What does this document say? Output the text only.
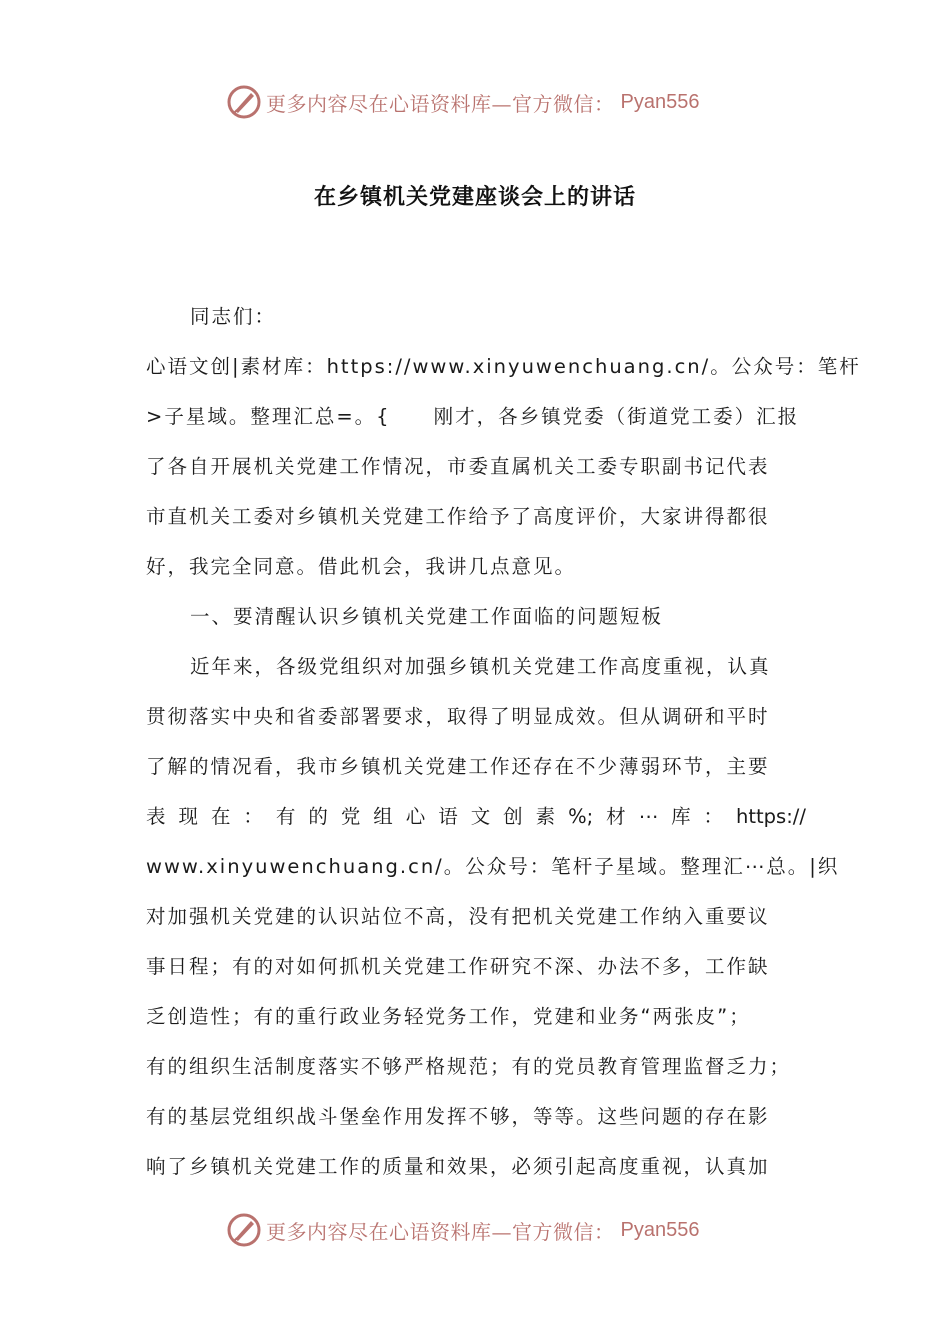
更多内容尽在心语资料库—官方微信： Pyan556
在乡镇机关党建座谈会上的讲话
同志们：
心语文创|素材库：https://www.xinyuwenchuang.cn/。公众号：笔杆
>子星域。整理汇总=。{　　刚才，各乡镇党委（街道党工委）汇报
了各自开展机关党建工作情况，市委直属机关工委专职副书记代表
市直机关工委对乡镇机关党建工作给予了高度评价，大家讲得都很
好，我完全同意。借此机会，我讲几点意见。
一、要清醒认识乡镇机关党建工作面临的问题短板
近年来，各级党组织对加强乡镇机关党建工作高度重视，认真
贯彻落实中央和省委部署要求，取得了明显成效。但从调研和平时
了解的情况看，我市乡镇机关党建工作还存在不少薄弱环节，主要
表 现 在 ： 有 的 党 组 心 语 文 创 素 %; 材 ⋯ 库 ： https://
www.xinyuwenchuang.cn/。公众号：笔杆子星域。整理汇⋯总。|织
对加强机关党建的认识站位不高，没有把机关党建工作纳入重要议
事日程；有的对如何抓机关党建工作研究不深、办法不多，工作缺
乏创造性；有的重行政业务轻党务工作，党建和业务“两张皮”；
有的组织生活制度落实不够严格规范；有的党员教育管理监督乏力；
有的基层党组织战斗堡垒作用发挥不够，等等。这些问题的存在影
响了乡镇机关党建工作的质量和效果，必须引起高度重视，认真加
更多内容尽在心语资料库—官方微信： Pyan556
